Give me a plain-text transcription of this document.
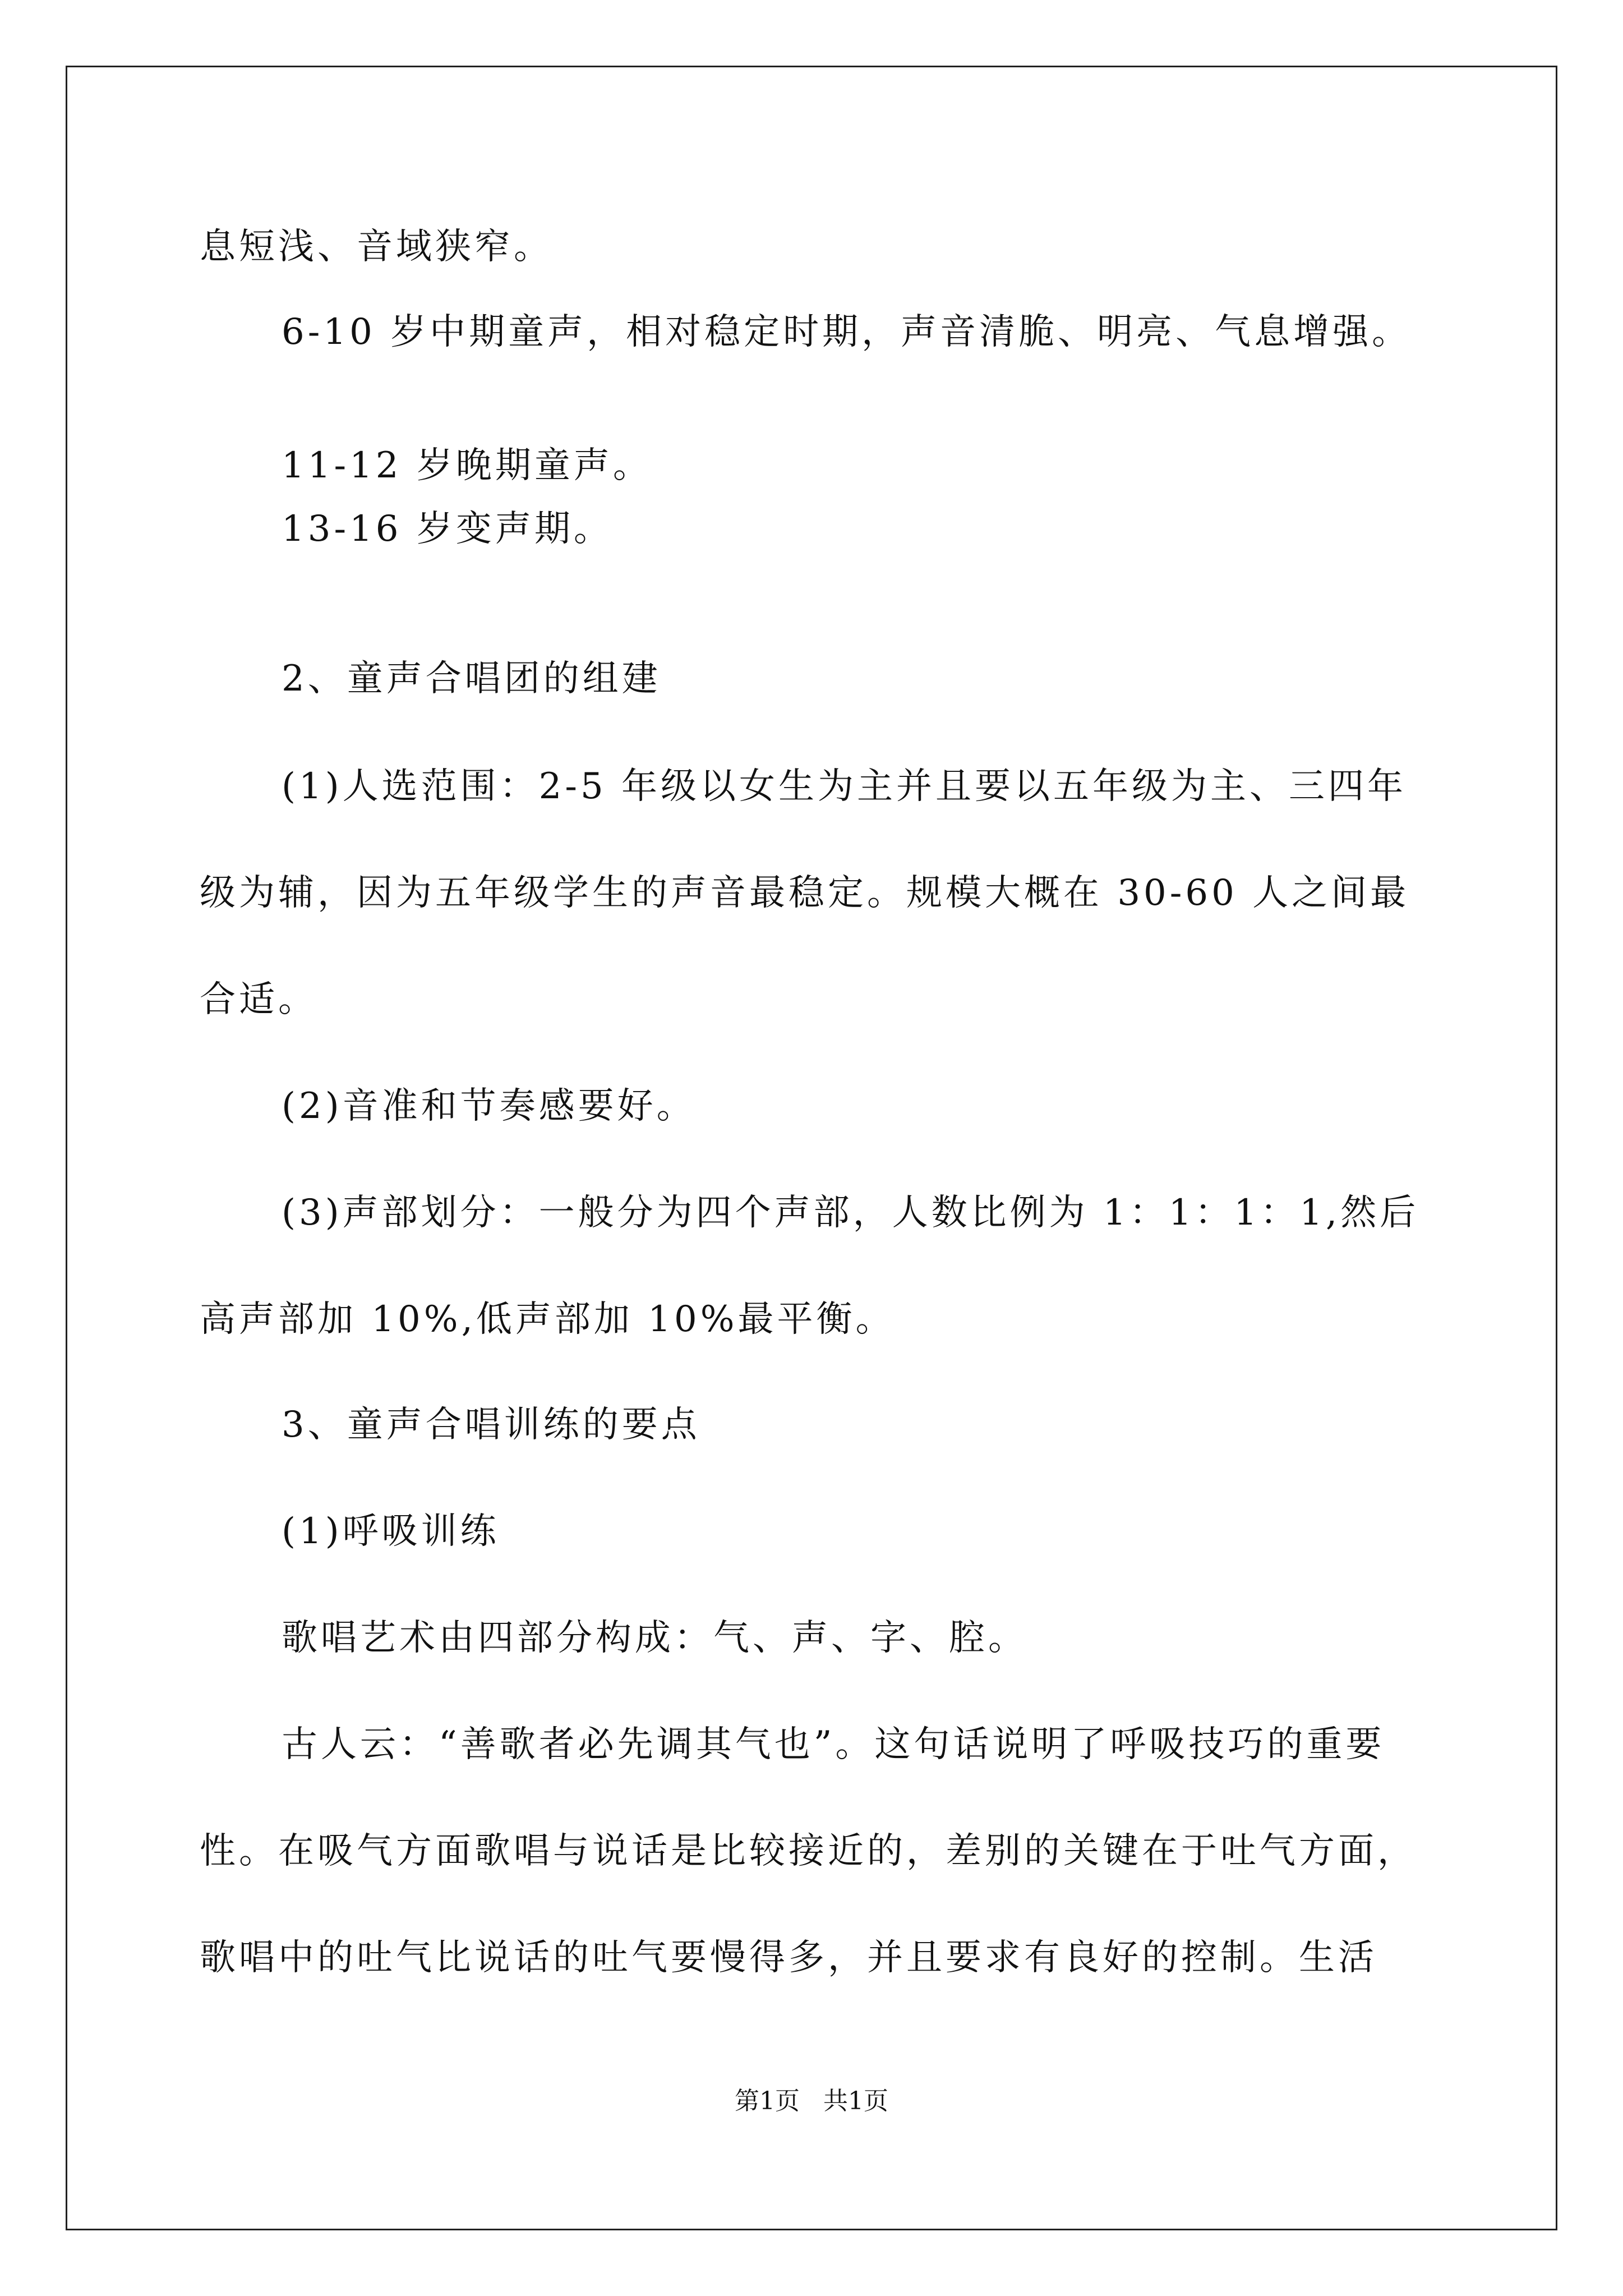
息短浅、音域狭窄。
6-10 岁中期童声，相对稳定时期，声音清脆、明亮、气息增强。
11-12 岁晚期童声。
13-16 岁变声期。
2、童声合唱团的组建
(1)人选范围：2-5 年级以女生为主并且要以五年级为主、三四年
级为辅，因为五年级学生的声音最稳定。规模大概在 30-60 人之间最
合适。
(2)音准和节奏感要好。
(3)声部划分：一般分为四个声部，人数比例为 1：1：1：1,然后
高声部加 10%,低声部加 10%最平衡。
3、童声合唱训练的要点
(1)呼吸训练
歌唱艺术由四部分构成：气、声、字、腔。
古人云：“善歌者必先调其气也”。这句话说明了呼吸技巧的重要
性。在吸气方面歌唱与说话是比较接近的，差别的关键在于吐气方面，
歌唱中的吐气比说话的吐气要慢得多，并且要求有良好的控制。生活
第1页   共1页
